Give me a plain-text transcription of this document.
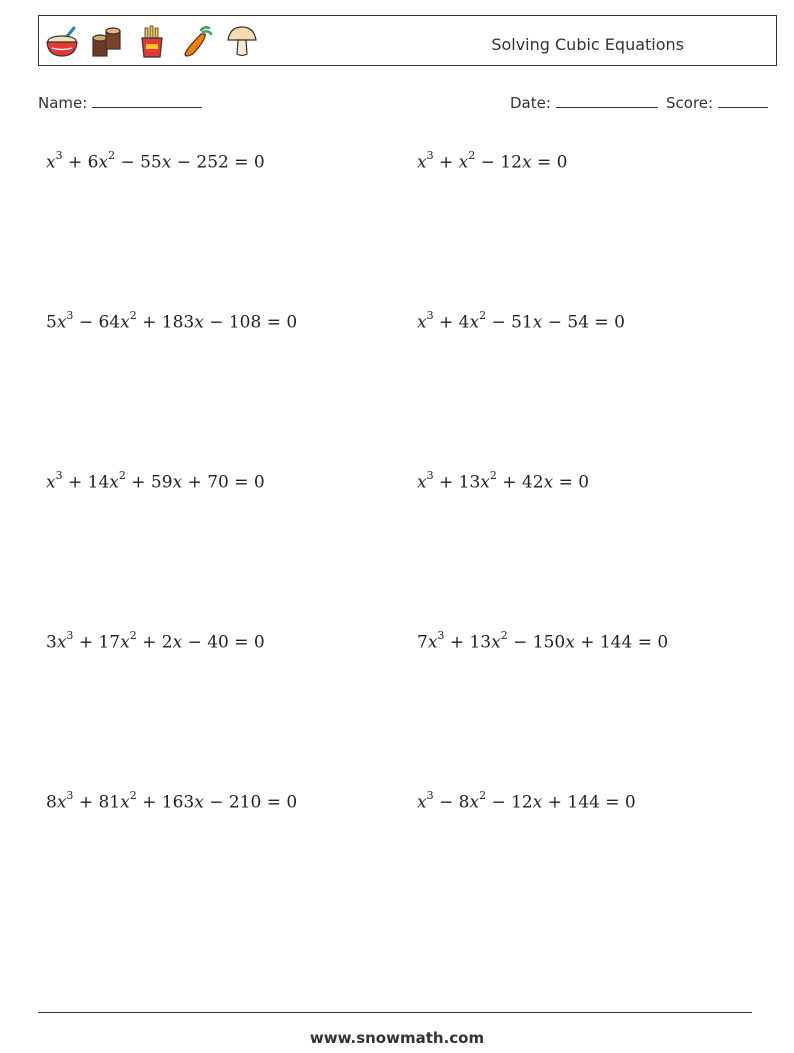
Solving Cubic Equations
Name:	Date:	Score:
$x^3 + 6x^2 - 55x - 252 = 0$	$x^3 + x^2 - 12x = 0$
$5x^3 - 64x^2 + 183x - 108 = 0$	$x^3 + 4x^2 - 51x - 54 = 0$
$x^3 + 14x^2 + 59x + 70 = 0$	$x^3 + 13x^2 + 42x = 0$
$3x^3 + 17x^2 + 2x - 40 = 0$	$7x^3 + 13x^2 - 150x + 144 = 0$
$8x^3 + 81x^2 + 163x - 210 = 0$	$x^3 - 8x^2 - 12x + 144 = 0$
www.snowmath.com
